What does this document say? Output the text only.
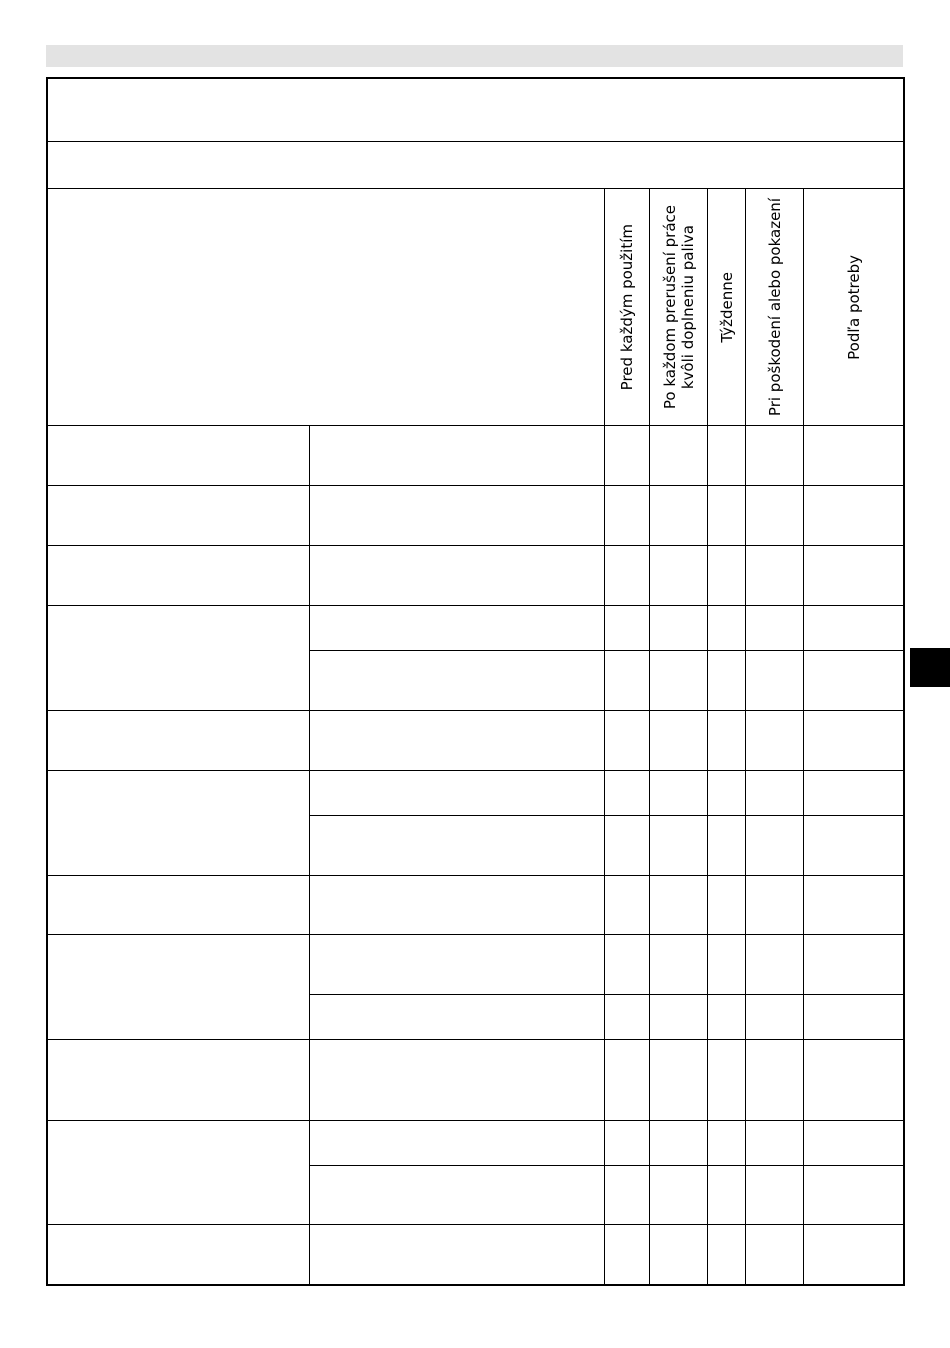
Pred každým použitím
Po každom prerušení práce
kvôli doplneniu paliva
Týždenne Pri poškodení alebo pokazení	Podľa potreby
